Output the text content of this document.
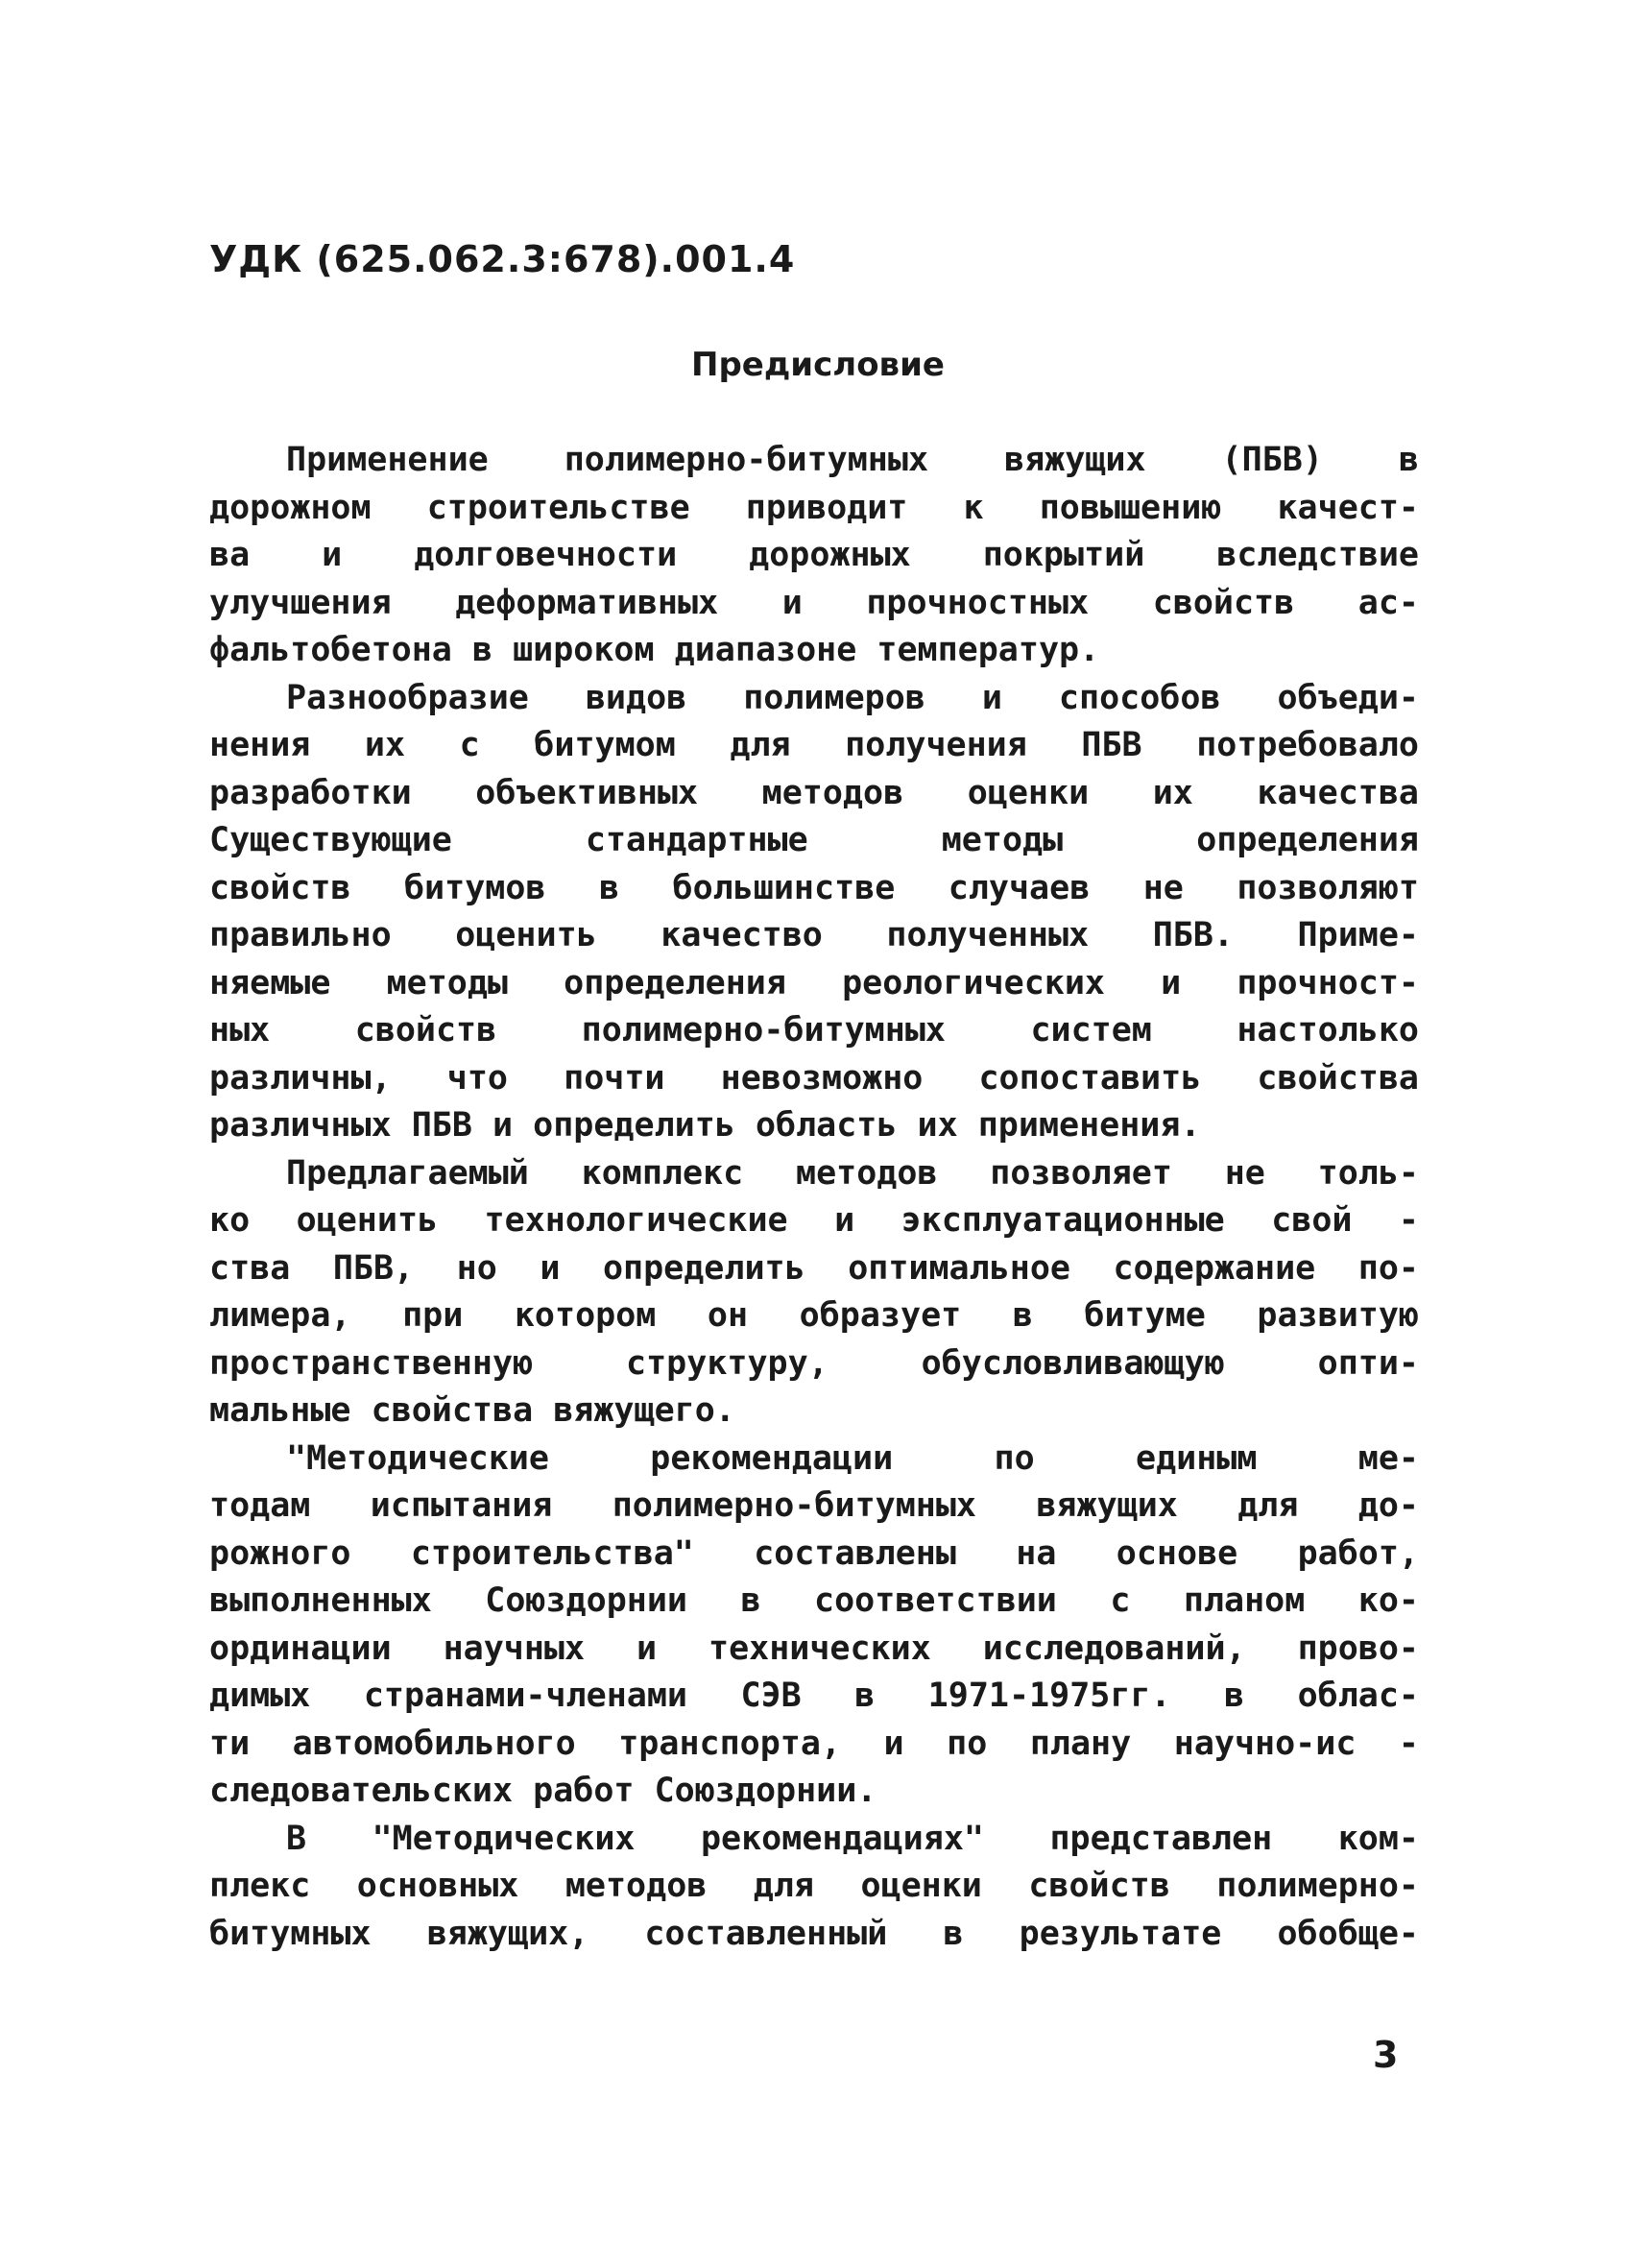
УДК (625.062.3:678).001.4
Предисловие
Применение полимерно-битумных вяжущих (ПБВ) в
дорожном строительстве приводит к повышению качест-
ва и долговечности дорожных покрытий вследствие
улучшения деформативных и прочностных свойств ас-
фальтобетона в широком диапазоне температур.
Разнообразие видов полимеров и способов объеди-
нения их с битумом для получения ПБВ потребовало
разработки объективных методов оценки их качества
Существующие стандартные методы определения
свойств битумов в большинстве случаев не позволяют
правильно оценить качество полученных ПБВ. Приме-
няемые методы определения реологических и прочност-
ных свойств полимерно-битумных систем настолько
различны, что почти невозможно сопоставить свойства
различных ПБВ и определить область их применения.
Предлагаемый комплекс методов позволяет не толь-
ко оценить технологические и эксплуатационные свой -
ства ПБВ, но и определить оптимальное содержание по-
лимера, при котором он образует в битуме развитую
пространственную структуру, обусловливающую опти-
мальные свойства вяжущего.
"Методические рекомендации по единым ме-
тодам испытания полимерно-битумных вяжущих для до-
рожного строительства" составлены на основе работ,
выполненных Союздорнии в соответствии с планом ко-
ординации научных и технических исследований, прово-
димых странами-членами СЭВ в 1971-1975гг. в облас-
ти автомобильного транспорта, и по плану научно-ис -
следовательских работ Союздорнии.
В "Методических рекомендациях" представлен ком-
плекс основных методов для оценки свойств полимерно-
битумных вяжущих, составленный в результате обобще-
3
